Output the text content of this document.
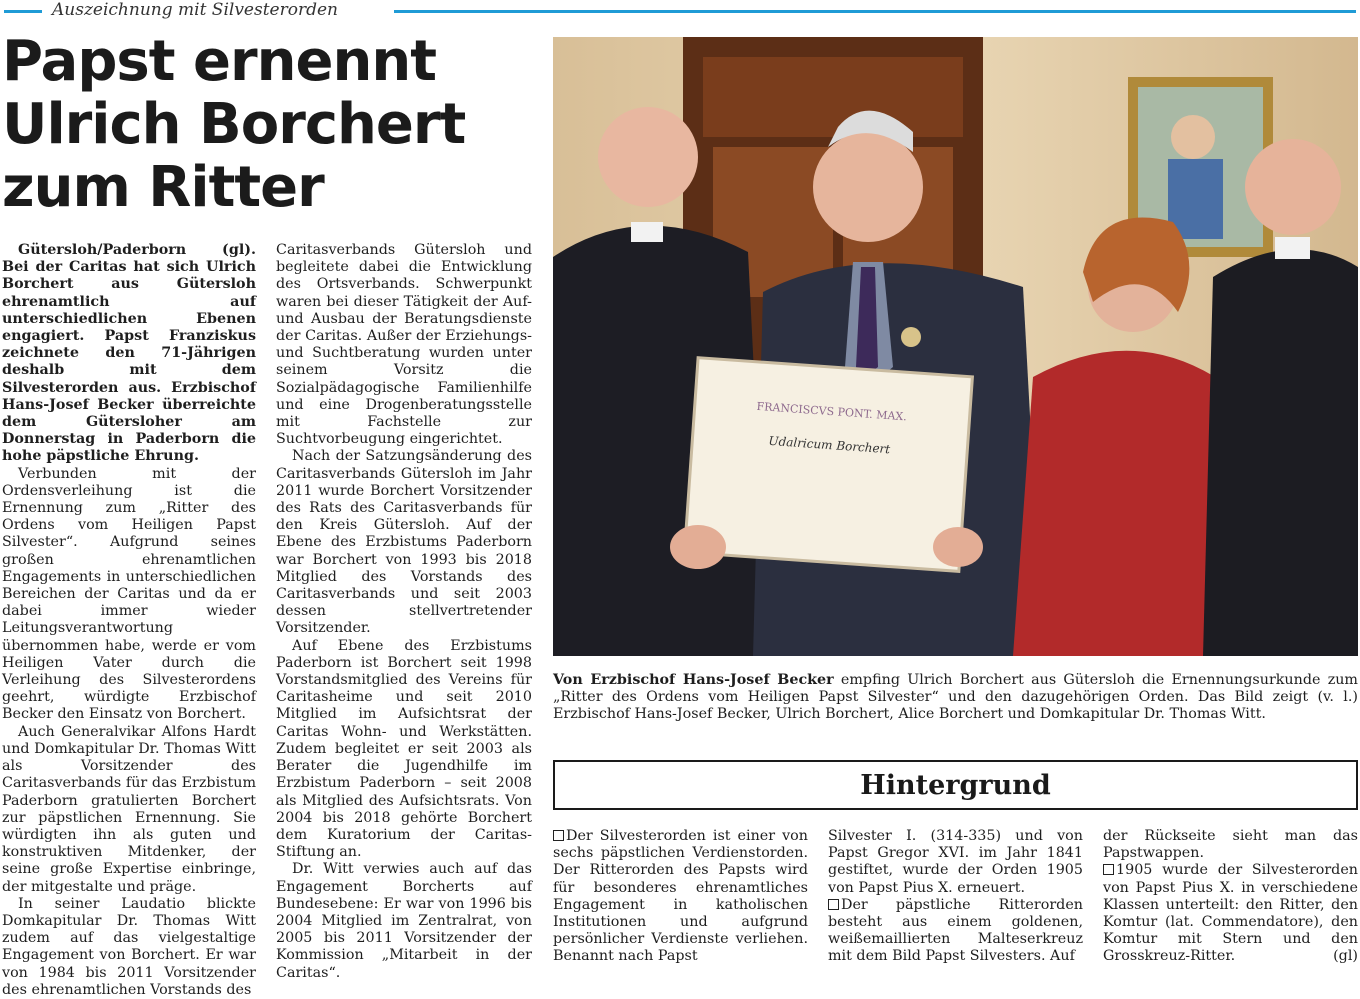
Auszeichnung mit Silvesterorden
Papst ernennt
Ulrich Borchert
zum Ritter

Gütersloh/Paderborn (gl). Bei der Caritas hat sich Ulrich Borchert aus Gütersloh ehrenamtlich auf unterschiedlichen Ebenen engagiert. Papst Franziskus zeichnete den 71-Jährigen deshalb mit dem Silvesterorden aus. Erzbischof Hans-Josef Becker überreichte dem Gütersloher am Donnerstag in Paderborn die hohe päpstliche Ehrung.

Verbunden mit der Ordensverleihung ist die Ernennung zum „Ritter des Ordens vom Heiligen Papst Silvester“. Aufgrund seines großen ehrenamtlichen Engagements in unterschiedlichen Bereichen der Caritas und da er dabei immer wieder Leitungsverantwortung übernommen habe, werde er vom Heiligen Vater durch die Verleihung des Silvesterordens geehrt, würdigte Erzbischof Becker den Einsatz von Borchert.

Auch Generalvikar Alfons Hardt und Domkapitular Dr. Thomas Witt als Vorsitzender des Caritasverbands für das Erzbistum Paderborn gratulierten Borchert zur päpstlichen Ernennung. Sie würdigten ihn als guten und konstruktiven Mitdenker, der seine große Expertise einbringe, der mitgestalte und präge.

In seiner Laudatio blickte Domkapitular Dr. Thomas Witt zudem auf das vielgestaltige Engagement von Borchert. Er war von 1984 bis 2011 Vorsitzender des ehrenamtlichen Vorstands des

Caritasverbands Gütersloh und begleitete dabei die Entwicklung des Ortsverbands. Schwerpunkt waren bei dieser Tätigkeit der Auf- und Ausbau der Beratungsdienste der Caritas. Außer der Erziehungs- und Suchtberatung wurden unter seinem Vorsitz die Sozialpädagogische Familienhilfe und eine Drogenberatungsstelle mit Fachstelle zur Suchtvorbeugung eingerichtet.

Nach der Satzungsänderung des Caritasverbands Gütersloh im Jahr 2011 wurde Borchert Vorsitzender des Rats des Caritasverbands für den Kreis Gütersloh. Auf der Ebene des Erzbistums Paderborn war Borchert von 1993 bis 2018 Mitglied des Vorstands des Caritasverbands und seit 2003 dessen stellvertretender Vorsitzender.

Auf Ebene des Erzbistums Paderborn ist Borchert seit 1998 Vorstandsmitglied des Vereins für Caritasheime und seit 2010 Mitglied im Aufsichtsrat der Caritas Wohn- und Werkstätten. Zudem begleitet er seit 2003 als Berater die Jugendhilfe im Erzbistum Paderborn – seit 2008 als Mitglied des Aufsichtsrats. Von 2004 bis 2018 gehörte Borchert dem Kuratorium der Caritas-Stiftung an.

Dr. Witt verwies auch auf das Engagement Borcherts auf Bundesebene: Er war von 1996 bis 2004 Mitglied im Zentralrat, von 2005 bis 2011 Vorsitzender der Kommission „Mitarbeit in der Caritas“.

FRANCISCVS PONT. MAX.
Udalricum Borchert
Von Erzbischof Hans-Josef Becker empfing Ulrich Borchert aus Gütersloh die Ernennungsurkunde zum „Ritter des Ordens vom Heiligen Papst Silvester“ und den dazugehörigen Orden. Das Bild zeigt (v. l.) Erzbischof Hans-Josef Becker, Ulrich Borchert, Alice Borchert und Domkapitular Dr. Thomas Witt.
Hintergrund
Der Silvesterorden ist einer von sechs päpstlichen Verdienstorden. Der Ritterorden des Papsts wird für besonderes ehrenamtliches Engagement in katholischen Institutionen und aufgrund persönlicher Verdienste verliehen. Benannt nach Papst
Silvester I. (314-335) und von Papst Gregor XVI. im Jahr 1841 gestiftet, wurde der Orden 1905 von Papst Pius X. erneuert.
Der päpstliche Ritterorden besteht aus einem goldenen, weißemaillierten Malteserkreuz mit dem Bild Papst Silvesters. Auf
der Rückseite sieht man das Papstwappen.
1905 wurde der Silvesterorden von Papst Pius X. in verschiedene Klassen unterteilt: den Ritter, den Komtur (lat. Commendatore), den Komtur mit Stern und den Grosskreuz-Ritter.	(gl)
